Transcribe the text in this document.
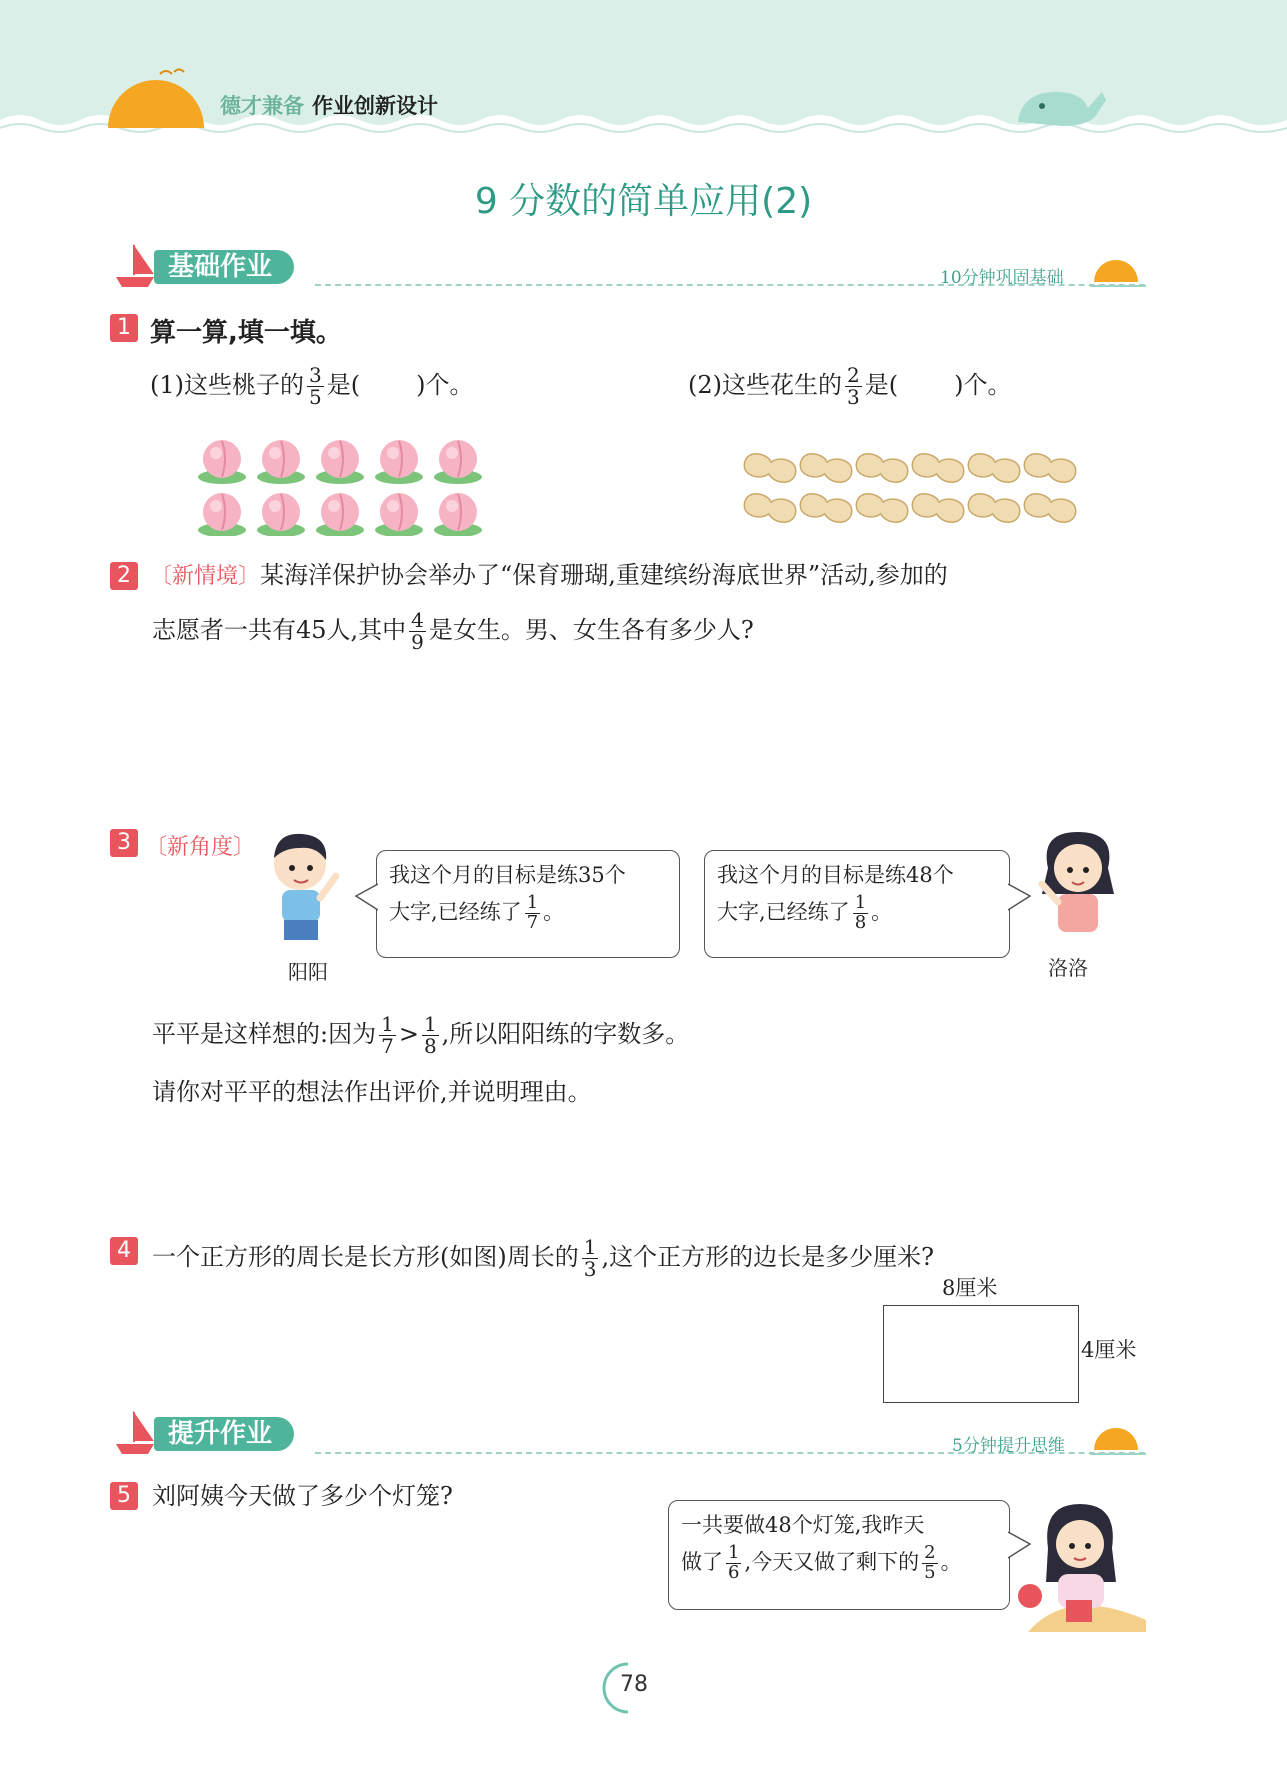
德才兼备 作业创新设计
9 分数的简单应用(2)
基础作业	10分钟巩固基础
1 算一算,填一填。
(1)这些桃子的 $\frac{3}{5}$ 是( )个。	(2)这些花生的 $\frac{2}{3}$ 是( )个。
2 〔新情境〕某海洋保护协会举办了“保育珊瑚,重建缤纷海底世界”活动,参加的
志愿者一共有45人,其中 $\frac{4}{9}$ 是女生。男、女生各有多少人?
3 〔新角度〕
阳阳
我这个月的目标是练35个
大字,已经练了 $\frac{1}{7}$ 。
我这个月的目标是练48个
大字,已经练了 $\frac{1}{8}$ 。
洛洛
平平是这样想的:因为 $\frac{1}{7} > \frac{1}{8}$ ,所以阳阳练的字数多。
请你对平平的想法作出评价,并说明理由。
4 一个正方形的周长是长方形(如图)周长的 $\frac{1}{3}$ ,这个正方形的边长是多少厘米?
8厘米
4厘米
提升作业	5分钟提升思维
5 刘阿姨今天做了多少个灯笼?
一共要做48个灯笼,我昨天
做了 $\frac{1}{6}$ ,今天又做了剩下的 $\frac{2}{5}$ 。
78
